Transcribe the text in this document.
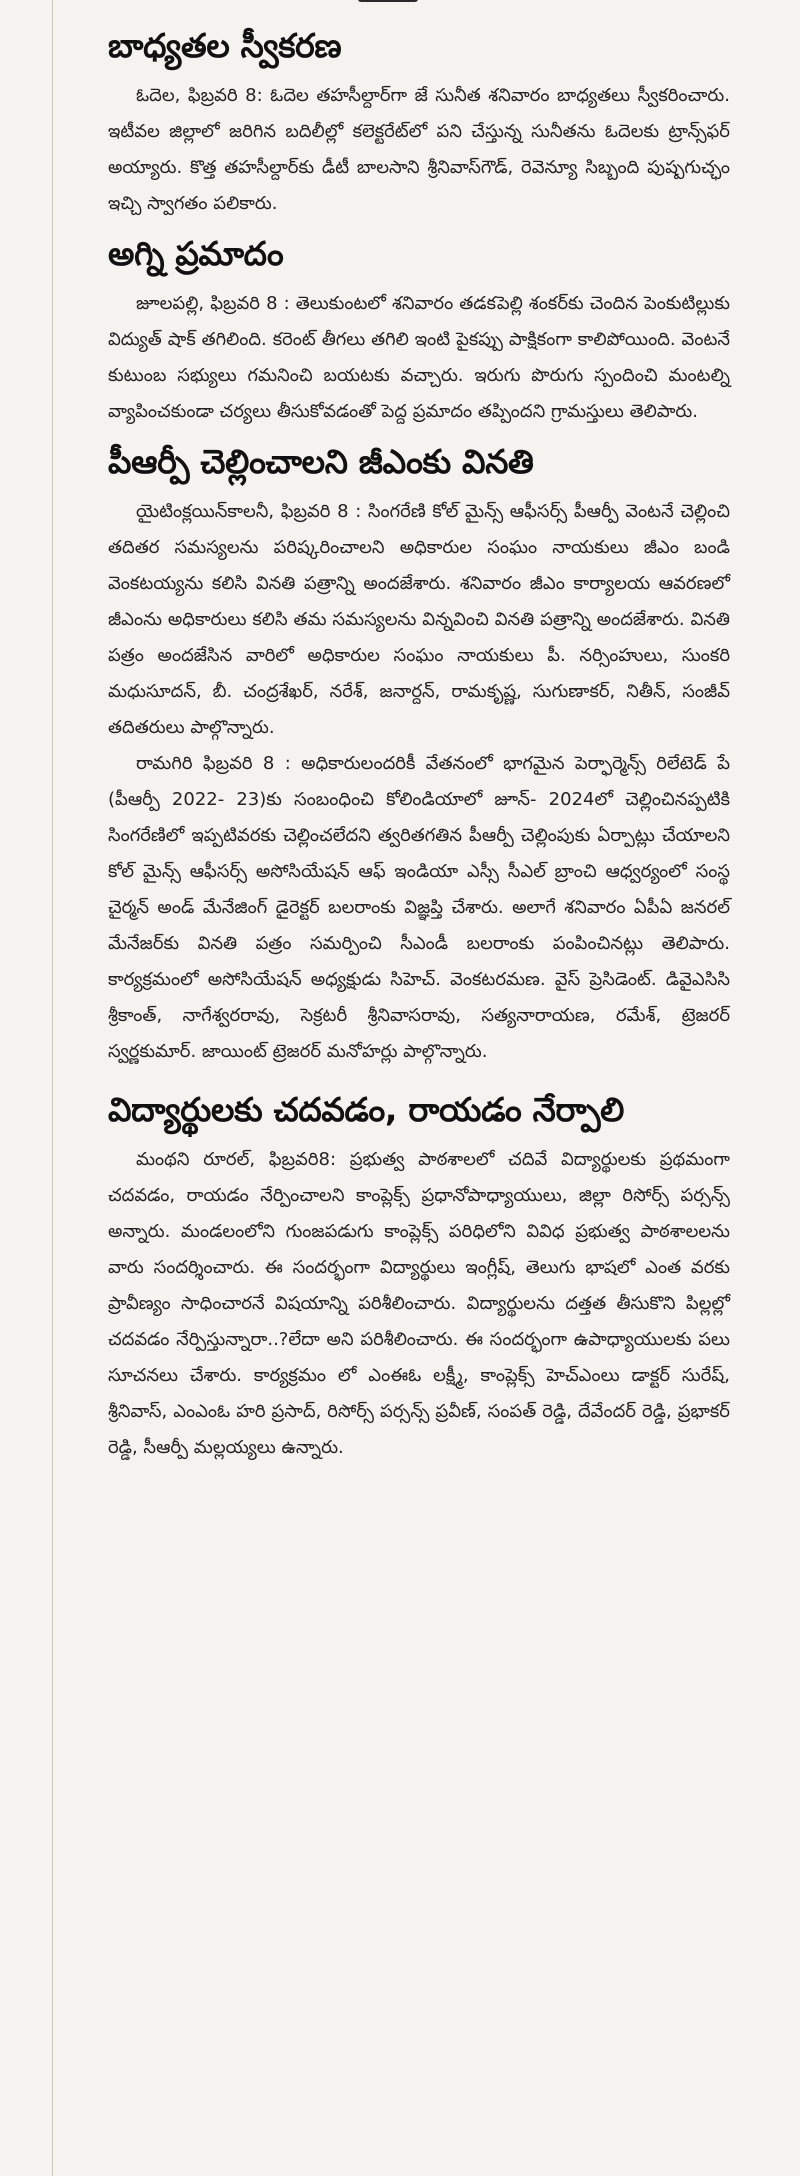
బాధ్యతల స్వీకరణ

ఓదెల, ఫిబ్రవరి 8: ఓదెల తహసీల్దార్‌గా జే సునీత శనివారం బాధ్యతలు స్వీకరించారు. ఇటీవల జిల్లాలో జరిగిన బదిలీల్లో కలెక్టరేట్‌లో పని చేస్తున్న సునీతను ఓదెలకు ట్రాన్స్‌ఫర్‌ అయ్యారు. కొత్త తహసీల్దార్‌కు డీటీ బాలసాని శ్రీనివాస్‌గౌడ్‌, రెవెన్యూ సిబ్బంది పుష్పగుచ్ఛం ఇచ్చి స్వాగతం పలికారు.

అగ్ని ప్రమాదం

జూలపల్లి, ఫిబ్రవరి 8 : తెలుకుంటలో శనివారం తడకపెల్లి శంకర్‌కు చెందిన పెంకుటిల్లుకు విద్యుత్‌ షాక్‌ తగిలింది. కరెంట్‌ తీగలు తగిలి ఇంటి పైకప్పు పాక్షికంగా కాలిపోయింది. వెంటనే కుటుంబ సభ్యులు గమనించి బయటకు వచ్చారు. ఇరుగు పొరుగు స్పందించి మంటల్ని వ్యాపించకుండా చర్యలు తీసుకోవడంతో పెద్ద ప్రమాదం తప్పిందని గ్రామస్తులు తెలిపారు.

పీఆర్పీ చెల్లించాలని జీఎంకు వినతి

యైటింక్లయిన్‌కాలనీ, ఫిబ్రవరి 8 : సింగరేణి కోల్‌ మైన్స్‌ ఆఫీసర్స్‌ పీఆర్పీ వెంటనే చెల్లించి తదితర సమస్యలను పరిష్కరించాలని అధికారుల సంఘం నాయకులు జీఎం బండి వెంకటయ్యను కలిసి వినతి పత్రాన్ని అందజేశారు. శనివారం జీఎం కార్యాలయ ఆవరణలో జీఎంను అధికారులు కలిసి తమ సమస్యలను విన్నవించి వినతి పత్రాన్ని అందజేశారు. వినతి పత్రం అందజేసిన వారిలో అధికారుల సంఘం నాయకులు పీ. నర్సింహులు, సుంకరి మధుసూదన్‌, బీ. చంద్రశేఖర్‌, నరేశ్‌, జనార్దన్‌, రామకృష్ణ, సుగుణాకర్‌, నితీన్‌, సంజీవ్‌ తదితరులు పాల్గొన్నారు.

రామగిరి ఫిబ్రవరి 8 : అధికారులందరికీ వేతనంలో భాగమైన పెర్ఫార్మెన్స్‌ రిలేటెడ్‌ పే (పీఆర్పీ 2022- 23)కు సంబంధించి కోలిండియాలో జూన్‌- 2024లో చెల్లించినప్పటికి సింగరేణిలో ఇప్పటివరకు చెల్లించలేదని త్వరితగతిన పీఆర్పీ చెల్లింపుకు ఏర్పాట్లు చేయాలని కోల్‌ మైన్స్‌ ఆఫీసర్స్‌ అసోసియేషన్‌ ఆఫ్‌ ఇండియా ఎస్సీ సీఎల్‌ బ్రాంచి ఆధ్వర్యంలో సంస్థ చైర్మన్‌ అండ్‌ మేనేజింగ్‌ డైరెక్టర్‌ బలరాంకు విజ్ఞప్తి చేశారు. అలాగే శనివారం ఏపీఏ జనరల్‌ మేనేజర్‌కు వినతి పత్రం సమర్పించి సీఎండీ బలరాంకు పంపించినట్లు తెలిపారు. కార్యక్రమంలో అసోసియేషన్‌ అధ్యక్షుడు సిహెచ్‌. వెంకటరమణ. వైస్‌ ప్రెసిడెంట్‌. డివైఎసిసి శ్రీకాంత్‌, నాగేశ్వరరావు, సెక్రటరీ శ్రీనివాసరావు, సత్యనారాయణ, రమేశ్‌, ట్రెజరర్‌ స్వర్ణకుమార్‌. జాయింట్‌ ట్రెజరర్‌ మనోహర్లు పాల్గొన్నారు.

విద్యార్థులకు చదవడం, రాయడం నేర్పాలి

మంథని రూరల్‌, ఫిబ్రవరి8: ప్రభుత్వ పాఠశాలలో చదివే విద్యార్థులకు ప్రథమంగా చదవడం, రాయడం నేర్పించాలని కాంప్లెక్స్‌ ప్రధానోపాధ్యాయులు, జిల్లా రిసోర్స్‌ పర్సన్స్‌ అన్నారు. మండలంలోని గుంజపడుగు కాంప్లెక్స్‌ పరిధిలోని వివిధ ప్రభుత్వ పాఠశాలలను వారు సందర్శించారు. ఈ సందర్భంగా విద్యార్థులు ఇంగ్లీష్‌, తెలుగు భాషలో ఎంత వరకు ప్రావీణ్యం సాధించారనే విషయాన్ని పరిశీలించారు. విద్యార్థులను దత్తత తీసుకొని పిల్లల్లో చదవడం నేర్పిస్తున్నారా..?లేదా అని పరిశీలించారు. ఈ సందర్భంగా ఉపాధ్యాయులకు పలు సూచనలు చేశారు. కార్యక్రమం లో ఎంఈఓ లక్ష్మీ, కాంప్లెక్స్‌ హెచ్‌ఎంలు డాక్టర్‌ సురేష్‌, శ్రీనివాస్‌, ఎంఎంఓ హరి ప్రసాద్‌, రిసోర్స్‌ పర్సన్స్‌ ప్రవీణ్‌, సంపత్‌ రెడ్డి, దేవేందర్‌ రెడ్డి, ప్రభాకర్‌ రెడ్డి, సీఆర్పీ మల్లయ్యలు ఉన్నారు.
